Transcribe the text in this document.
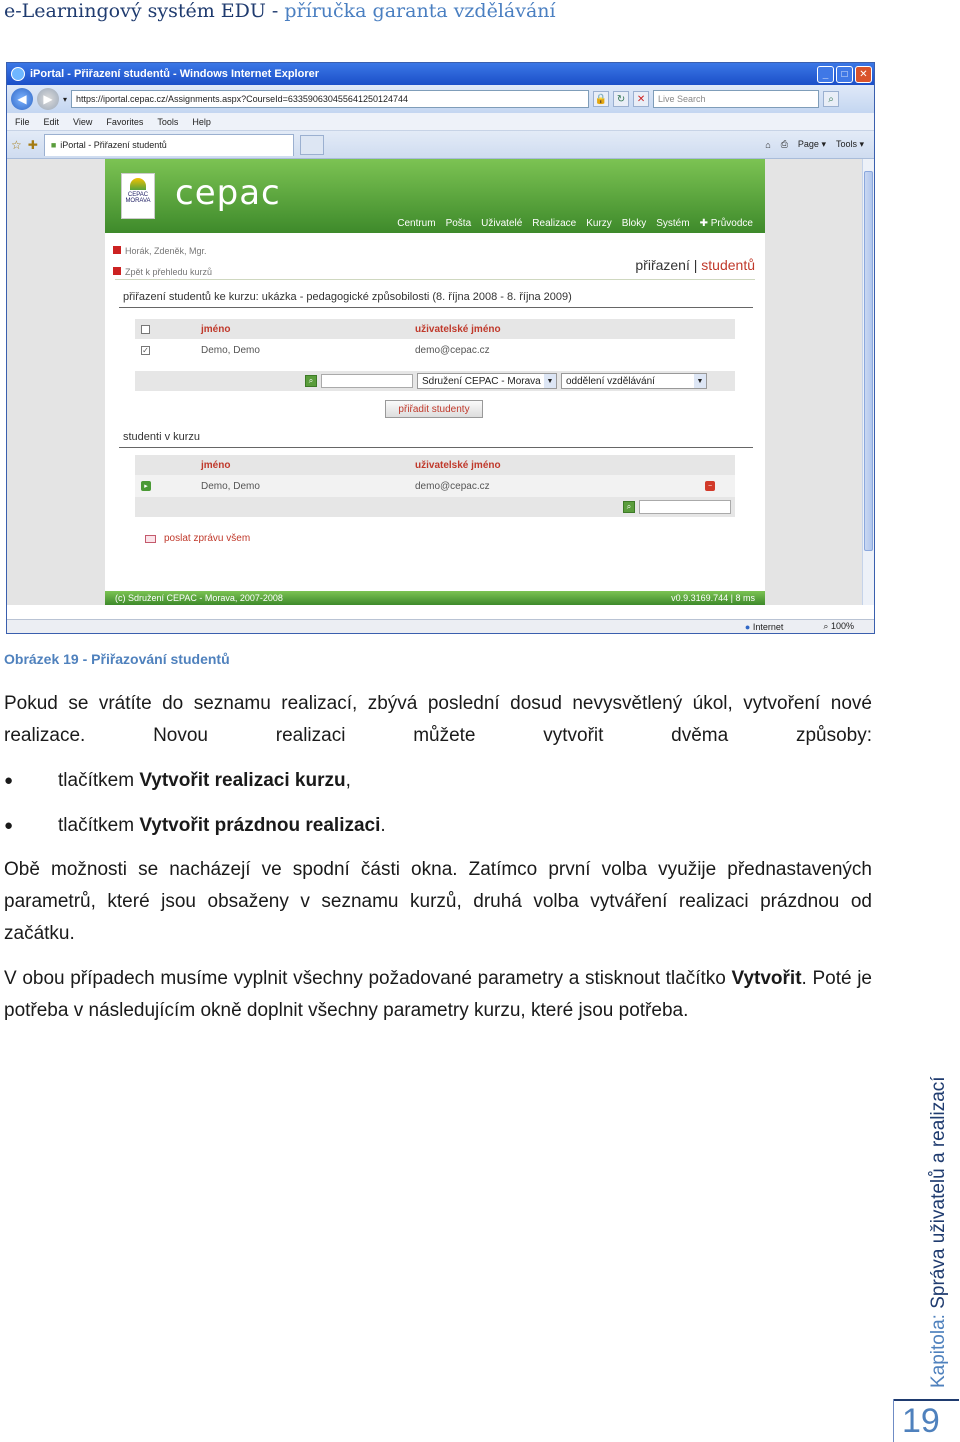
e-Learningový systém EDU - příručka garanta vzdělávání
iPortal - Přiřazení studentů - Windows Internet Explorer	_	□	✕
◀	▶	▾ https://iportal.cepac.cz/Assignments.aspx?CourseId=633590630455641250124744	🔒 ↻	✕	Live Search	⌕
File Edit View Favorites Tools Help
☆ ✚ ■ iPortal - Přiřazení studentů	⌂ ⎙ Page ▾ Tools ▾
CEPAC MORAVA cepac
Centrum Pošta Uživatelé Realizace Kurzy Bloky Systém ✚ Průvodce
Horák, Zdeněk, Mgr.
Zpět k přehledu kurzů	přiřazení | studentů
přiřazení studentů ke kurzu: ukázka - pedagogické způsobilosti (8. října 2008 - 8. října 2009)
jméno	uživatelské jméno
✓	Demo, Demo	demo@cepac.cz
⌕	Sdružení CEPAC - Morava ▼ oddělení vzdělávání	▼
přiřadit studenty
studenti v kurzu
jméno	uživatelské jméno
▸	Demo, Demo	demo@cepac.cz	−
⌕
poslat zprávu všem
(c) Sdružení CEPAC - Morava, 2007-2008	v0.9.3169.744 | 8 ms
● Internet	⌕ 100%
Obrázek 19 - Přiřazování studentů
Pokud se vrátíte do seznamu realizací, zbývá poslední dosud nevysvětlený úkol, vytvoření nové realizace. Novou realizaci můžete vytvořit dvěma způsoby:
● tlačítkem Vytvořit realizaci kurzu,
● tlačítkem Vytvořit prázdnou realizaci.
Obě možnosti se nacházejí ve spodní části okna. Zatímco první volba využije přednastavených parametrů, které jsou obsaženy v seznamu kurzů, druhá volba vytváření realizaci prázdnou od začátku.
V obou případech musíme vyplnit všechny požadované parametry a stisknout tlačítko Vytvořit. Poté je potřeba v následujícím okně doplnit všechny parametry kurzu, které jsou potřeba.
Kapitola: Správa uživatelů a realizací
19
